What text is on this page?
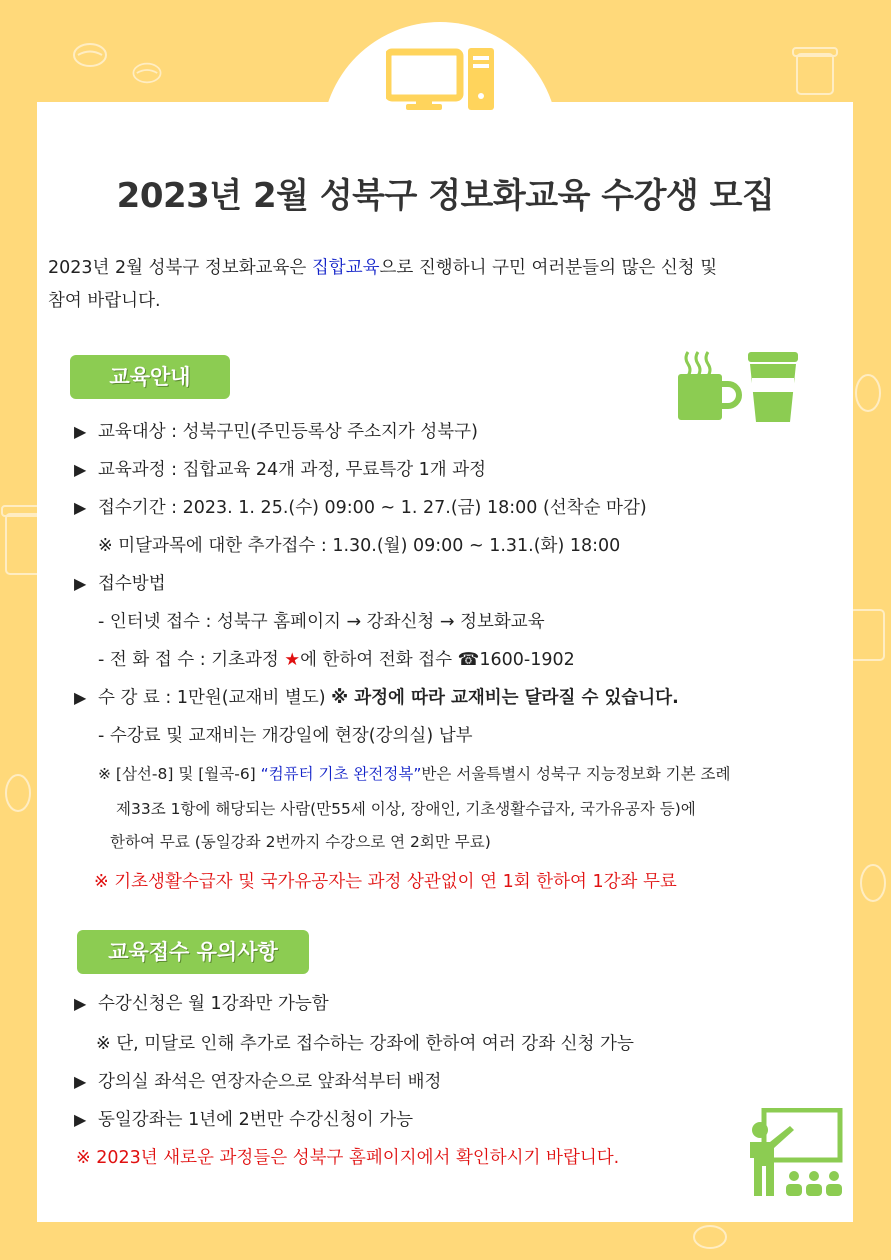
2023년 2월 성북구 정보화교육 수강생 모집
2023년 2월 성북구 정보화교육은 집합교육으로 진행하니 구민 여러분들의 많은 신청 및
참여 바랍니다.
교육안내
▶ 교육대상 : 성북구민(주민등록상 주소지가 성북구)
▶ 교육과정 : 집합교육 24개 과정, 무료특강 1개 과정
▶ 접수기간 : 2023. 1. 25.(수) 09:00 ~ 1. 27.(금) 18:00 (선착순 마감)
※ 미달과목에 대한 추가접수 : 1.30.(월) 09:00 ~ 1.31.(화) 18:00
▶ 접수방법
- 인터넷 접수 : 성북구 홈페이지 → 강좌신청 → 정보화교육
- 전 화 접 수 : 기초과정 ★에 한하여 전화 접수 ☎1600-1902
▶ 수 강 료 : 1만원(교재비 별도) ※ 과정에 따라 교재비는 달라질 수 있습니다.
- 수강료 및 교재비는 개강일에 현장(강의실) 납부
※ [삼선-8] 및 [월곡-6] “컴퓨터 기초 완전정복”반은 서울특별시 성북구 지능정보화 기본 조례
제33조 1항에 해당되는 사람(만55세 이상, 장애인, 기초생활수급자, 국가유공자 등)에
한하여 무료 (동일강좌 2번까지 수강으로 연 2회만 무료)
※ 기초생활수급자 및 국가유공자는 과정 상관없이 연 1회 한하여 1강좌 무료
교육접수 유의사항
▶ 수강신청은 월 1강좌만 가능함
※ 단, 미달로 인해 추가로 접수하는 강좌에 한하여 여러 강좌 신청 가능
▶ 강의실 좌석은 연장자순으로 앞좌석부터 배정
▶ 동일강좌는 1년에 2번만 수강신청이 가능
※ 2023년 새로운 과정들은 성북구 홈페이지에서 확인하시기 바랍니다.
